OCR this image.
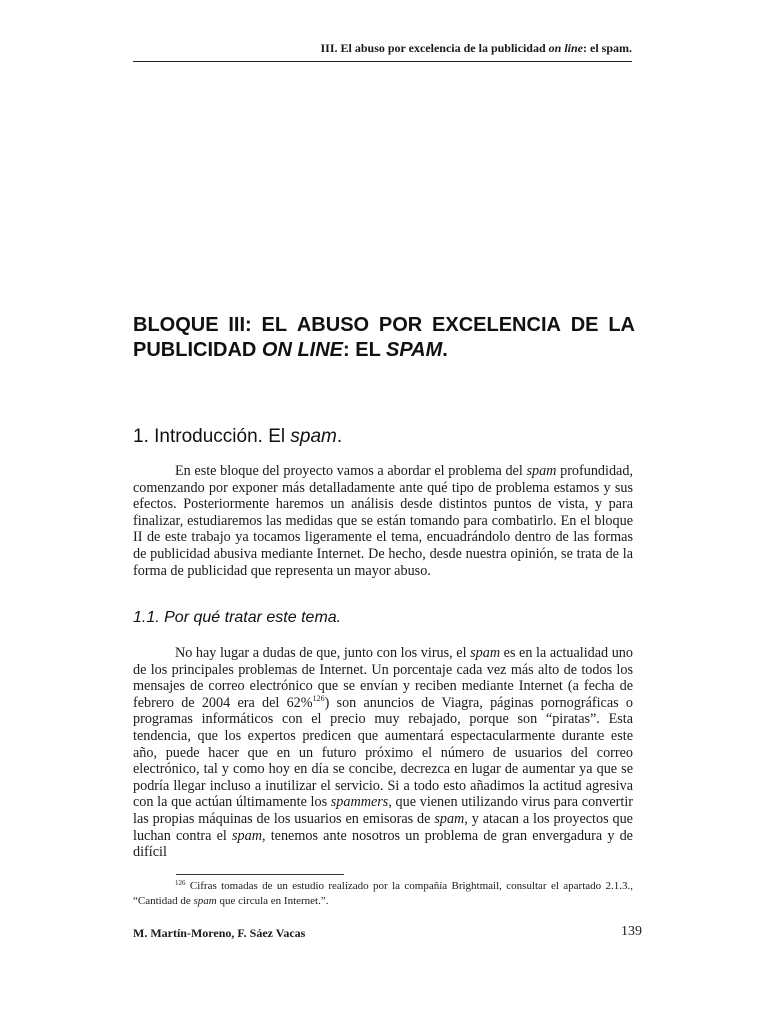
III. El abuso por excelencia de la publicidad on line: el spam.
BLOQUE III: EL ABUSO POR EXCELENCIA DE LA
PUBLICIDAD ON LINE: EL SPAM.
1. Introducción. El spam.

En este bloque del proyecto vamos a abordar el problema del spam profundidad, comenzando por exponer más detalladamente ante qué tipo de problema estamos y sus efectos. Posteriormente haremos un análisis desde distintos puntos de vista, y para finalizar, estudiaremos las medidas que se están tomando para combatirlo. En el bloque II de este trabajo ya tocamos ligeramente el tema, encuadrándolo dentro de las formas de publicidad abusiva mediante Internet. De hecho, desde nuestra opinión, se trata de la forma de publicidad que representa un mayor abuso.

1.1. Por qué tratar este tema.

No hay lugar a dudas de que, junto con los virus, el spam es en la actualidad uno de los principales problemas de Internet. Un porcentaje cada vez más alto de todos los mensajes de correo electrónico que se envían y reciben mediante Internet (a fecha de febrero de 2004 era del 62%$^{126}$) son anuncios de Viagra, páginas pornográficas o programas informáticos con el precio muy rebajado, porque son “piratas”. Esta tendencia, que los expertos predicen que aumentará espectacularmente durante este año, puede hacer que en un futuro próximo el número de usuarios del correo electrónico, tal y como hoy en día se concibe, decrezca en lugar de aumentar ya que se podría llegar incluso a inutilizar el servicio. Si a todo esto añadimos la actitud agresiva con la que actúan últimamente los spammers, que vienen utilizando virus para convertir las propias máquinas de los usuarios en emisoras de spam, y atacan a los proyectos que luchan contra el spam, tenemos ante nosotros un problema de gran envergadura y de difícil

$^{126}$ Cifras tomadas de un estudio realizado por la compañía Brightmail, consultar el apartado 2.1.3., “Cantidad de spam que circula en Internet.”.

M. Martín-Moreno, F. Sáez Vacas	139
